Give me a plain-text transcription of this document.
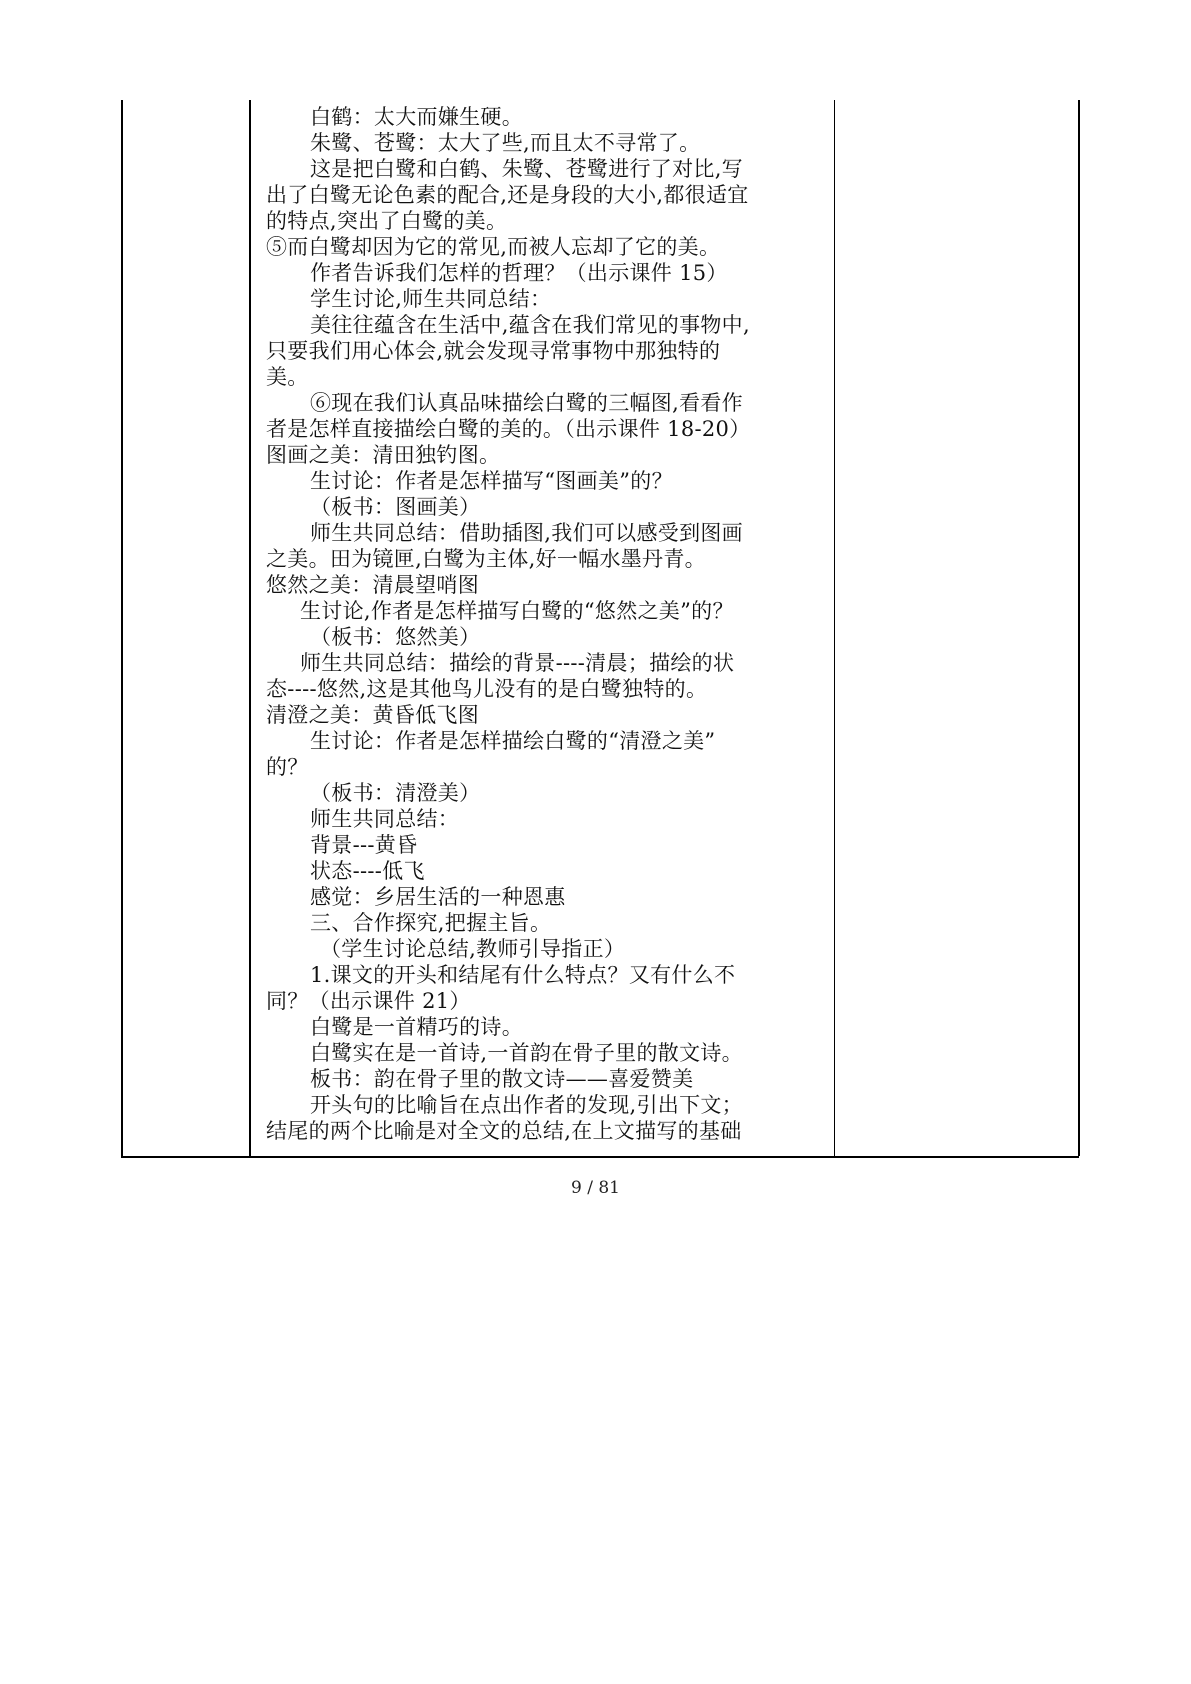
白鹤：太大而嫌生硬。
朱鹭、苍鹭：太大了些,而且太不寻常了。
这是把白鹭和白鹤、朱鹭、苍鹭进行了对比,写
出了白鹭无论色素的配合,还是身段的大小,都很适宜
的特点,突出了白鹭的美。
⑤而白鹭却因为它的常见,而被人忘却了它的美。
作者告诉我们怎样的哲理？（出示课件 15）
学生讨论,师生共同总结：
美往往蕴含在生活中,蕴含在我们常见的事物中,
只要我们用心体会,就会发现寻常事物中那独特的
美。
⑥现在我们认真品味描绘白鹭的三幅图,看看作
者是怎样直接描绘白鹭的美的。（出示课件 18-20）
图画之美：清田独钓图。
生讨论：作者是怎样描写“图画美”的？
（板书：图画美）
师生共同总结：借助插图,我们可以感受到图画
之美。田为镜匣,白鹭为主体,好一幅水墨丹青。
悠然之美：清晨望哨图
生讨论,作者是怎样描写白鹭的“悠然之美”的？
（板书：悠然美）
师生共同总结：描绘的背景----清晨；描绘的状
态----悠然,这是其他鸟儿没有的是白鹭独特的。
清澄之美：黄昏低飞图
生讨论：作者是怎样描绘白鹭的“清澄之美”
的？
（板书：清澄美）
师生共同总结：
背景---黄昏
状态----低飞
感觉：乡居生活的一种恩惠
三、合作探究,把握主旨。
（学生讨论总结,教师引导指正）
1.课文的开头和结尾有什么特点？又有什么不
同？（出示课件 21）
白鹭是一首精巧的诗。
白鹭实在是一首诗,一首韵在骨子里的散文诗。
板书：韵在骨子里的散文诗——喜爱赞美
开头句的比喻旨在点出作者的发现,引出下文；
结尾的两个比喻是对全文的总结,在上文描写的基础
9 / 81
